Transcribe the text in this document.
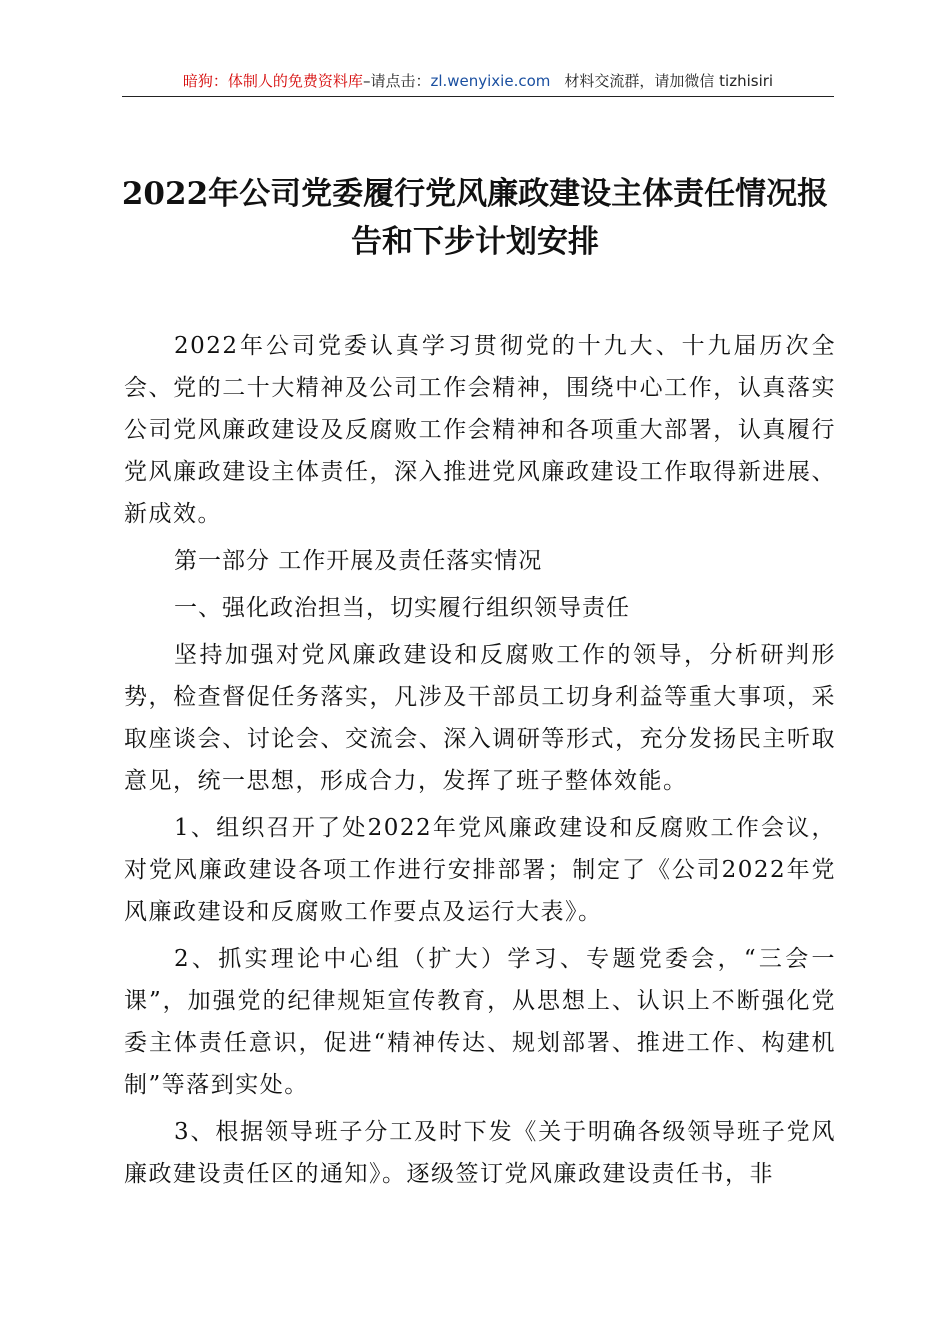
暗狗：体制人的免费资料库–请点击：zl.wenyixie.com 材料交流群，请加微信 tizhisiri
2022年公司党委履行党风廉政建设主体责任情况报告和下步计划安排

2022年公司党委认真学习贯彻党的十九大、十九届历次全会、党的二十大精神及公司工作会精神，围绕中心工作，认真落实公司党风廉政建设及反腐败工作会精神和各项重大部署，认真履行党风廉政建设主体责任，深入推进党风廉政建设工作取得新进展、新成效。

第一部分 工作开展及责任落实情况

一、强化政治担当，切实履行组织领导责任

坚持加强对党风廉政建设和反腐败工作的领导，分析研判形势，检查督促任务落实，凡涉及干部员工切身利益等重大事项，采取座谈会、讨论会、交流会、深入调研等形式，充分发扬民主听取意见，统一思想，形成合力，发挥了班子整体效能。

1、组织召开了处2022年党风廉政建设和反腐败工作会议，对党风廉政建设各项工作进行安排部署；制定了《公司2022年党风廉政建设和反腐败工作要点及运行大表》。

2、抓实理论中心组（扩大）学习、专题党委会，“三会一课”，加强党的纪律规矩宣传教育，从思想上、认识上不断强化党委主体责任意识，促进“精神传达、规划部署、推进工作、构建机制”等落到实处。

3、根据领导班子分工及时下发《关于明确各级领导班子党风廉政建设责任区的通知》。逐级签订党风廉政建设责任书，非
